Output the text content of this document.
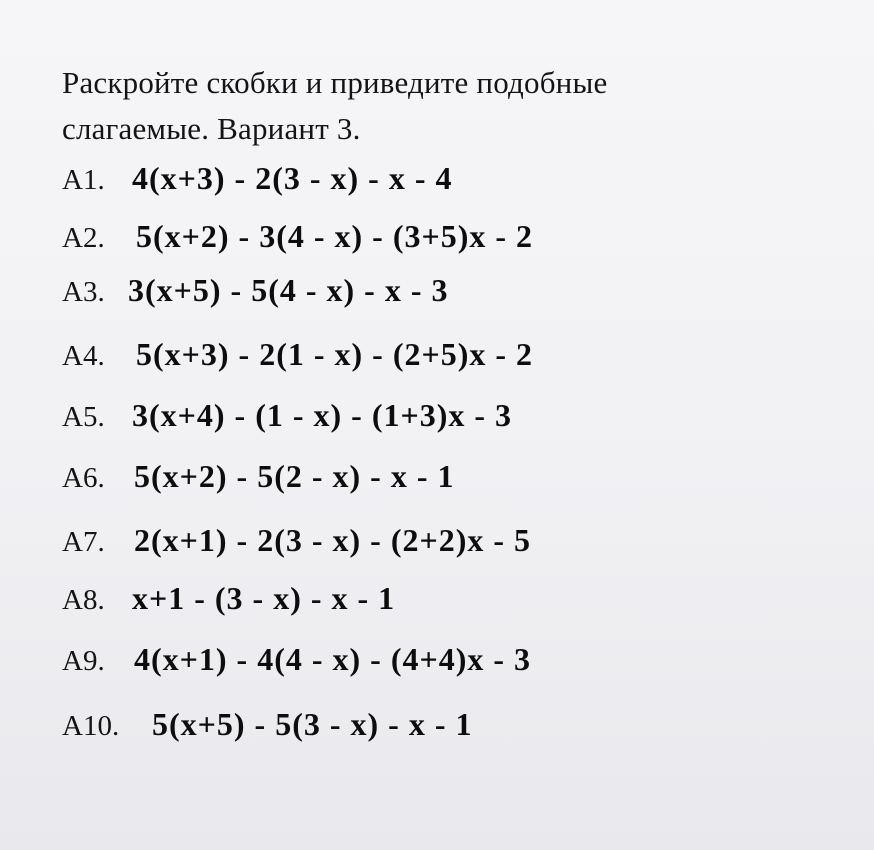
Раскройте скобки и приведите подобные
слагаемые. Вариант 3.
A1. 4(x+3) - 2(3 - x) - x - 4
A2. 5(x+2) - 3(4 - x) - (3+5)x - 2
A3. 3(x+5) - 5(4 - x) - x - 3
A4. 5(x+3) - 2(1 - x) - (2+5)x - 2
A5. 3(x+4) - (1 - x) - (1+3)x - 3
A6. 5(x+2) - 5(2 - x) - x - 1
A7. 2(x+1) - 2(3 - x) - (2+2)x - 5
A8. x+1 - (3 - x) - x - 1
A9. 4(x+1) - 4(4 - x) - (4+4)x - 3
A10.	5(x+5) - 5(3 - x) - x - 1
